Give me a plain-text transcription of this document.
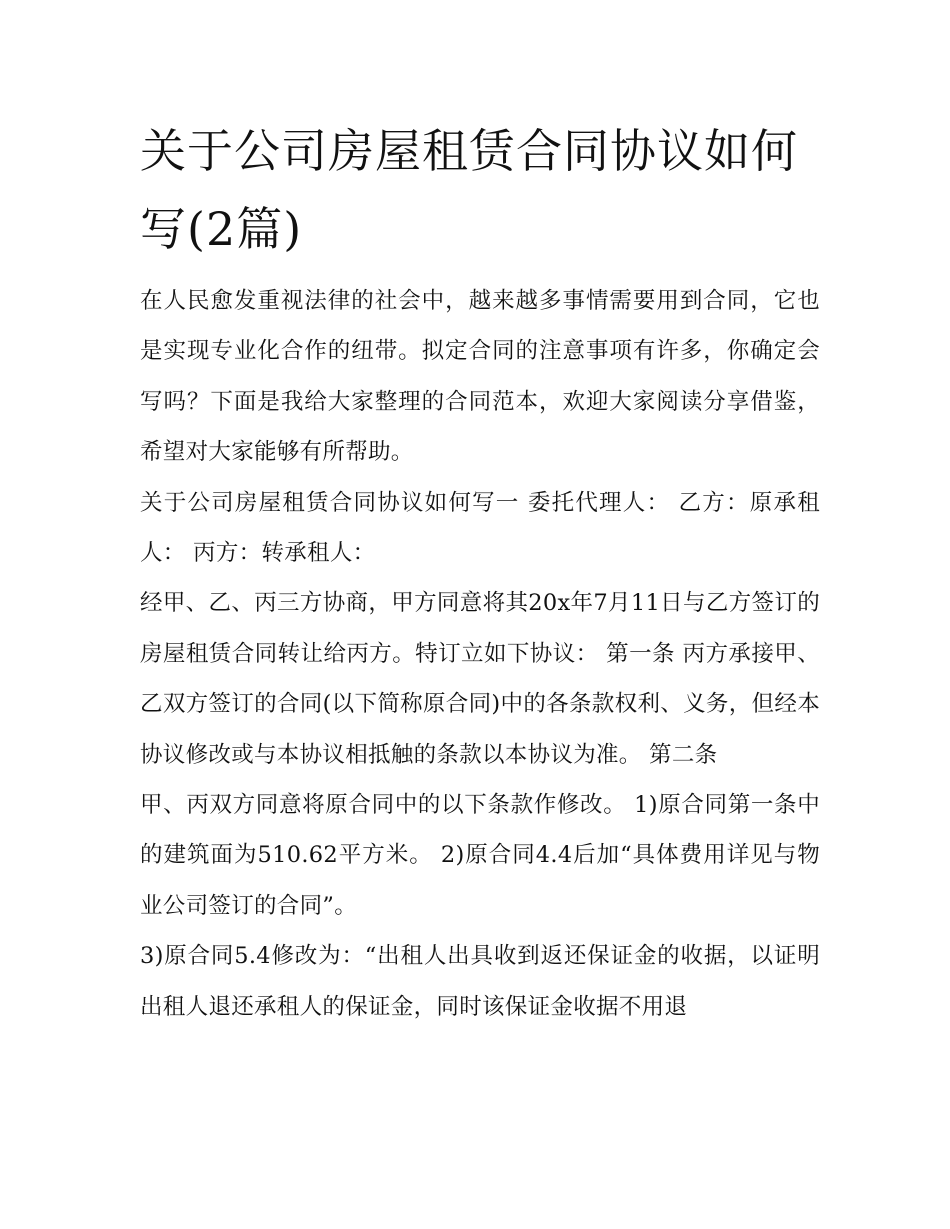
关于公司房屋租赁合同协议如何写(2篇)

在人民愈发重视法律的社会中，越来越多事情需要用到合同，它也是实现专业化合作的纽带。拟定合同的注意事项有许多，你确定会写吗？下面是我给大家整理的合同范本，欢迎大家阅读分享借鉴，希望对大家能够有所帮助。

关于公司房屋租赁合同协议如何写一 委托代理人： 乙方：原承租人： 丙方：转承租人：

经甲、乙、丙三方协商，甲方同意将其20x年7月11日与乙方签订的房屋租赁合同转让给丙方。特订立如下协议： 第一条 丙方承接甲、乙双方签订的合同(以下简称原合同)中的各条款权利、义务，但经本协议修改或与本协议相抵触的条款以本协议为准。 第二条

甲、丙双方同意将原合同中的以下条款作修改。 1)原合同第一条中的建筑面为510.62平方米。 2)原合同4.4后加“具体费用详见与物业公司签订的合同”。

3)原合同5.4修改为：“出租人出具收到返还保证金的收据，以证明出租人退还承租人的保证金，同时该保证金收据不用退
